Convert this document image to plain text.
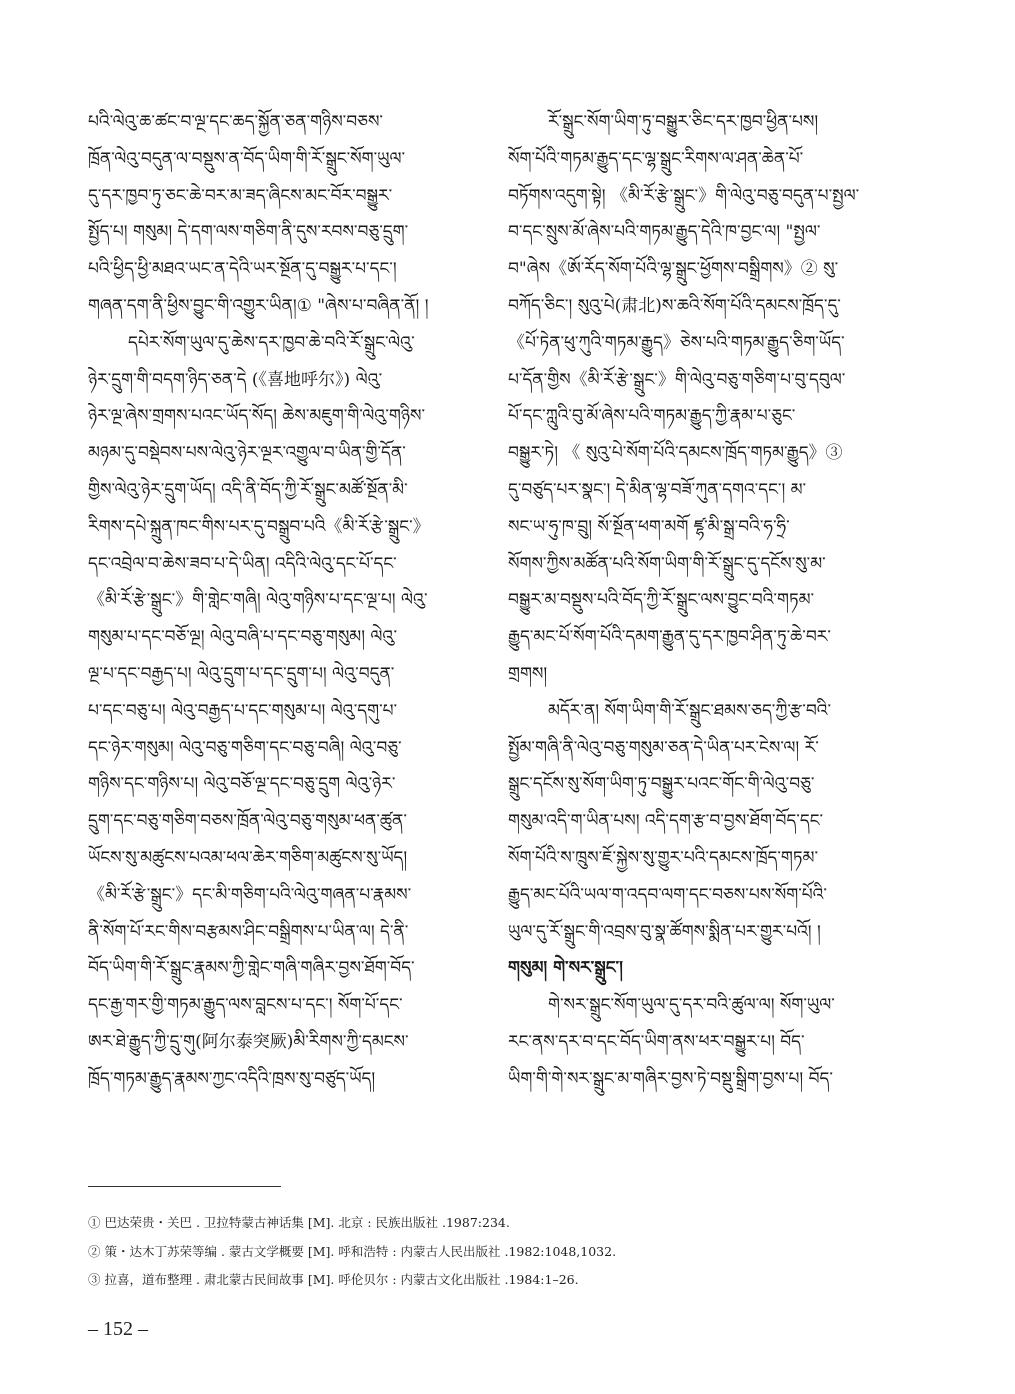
པའི་ལེའུ་ཆ་ཚང་བ་ལྔ་དང་ཆད་སྐྱོན་ཅན་གཉིས་བཅས་
ཁྲོན་ལེའུ་བདུན་ལ་བསྡུས་ན་བོད་ཡིག་གི་རོ་སྒྲུང་སོག་ཡུལ་
དུ་དར་ཁྱབ་ཏུ་ཅང་ཆེ་བར་མ་ཟད་ཞིངས་མང་བོར་བསྒྱུར་
སྤྱོད་པ། གསུམ། དེ་དག་ལས་གཅིག་ནི་དུས་རབས་བཅུ་དྲུག་
པའི་ཕྱིད་ཕྱི་མཐའ་ཡང་ན་དེའི་ཡར་སྔོན་དུ་བསྒྱུར་པ་དང་།
གཞན་དག་ནི་ཕྱིས་བྱུང་གི་འགྱུར་ཡིན།① "ཞེས་པ་བཞིན་ནོ། །
དཔེར་སོག་ཡུལ་དུ་ཆེས་དར་ཁྱབ་ཆེ་བའི་རོ་སྒྲུང་ལེའུ་
ཉེར་དྲུག་གི་བདག་ཉིད་ཅན་དེ (《喜地呼尔》) ལེའུ་
ཉེར་ལྔ་ཞེས་གྲགས་པའང་ཡོད་སོད། ཆེས་མཇུག་གི་ལེའུ་གཉིས་
མཉམ་དུ་བསྡེབས་པས་ལེའུ་ཉེར་ལྔར་འགྱུལ་བ་ཡིན་གྱི་དོན་
གྱིས་ལེའུ་ཉེར་དྲུག་ཡོད། འདི་ནི་བོད་ཀྱི་རོ་སྒྲུང་མཚོ་སྔོན་མི་
རིགས་དཔེ་སྐྲུན་ཁང་གིས་པར་དུ་བསྒྲུབ་པའི《མི་རོ་རྩེ་སྒྲུང་》
དང་འབྲེལ་བ་ཆེས་ཟབ་པ་དེ་ཡིན། འདིའི་ལེའུ་དང་པོ་དང་
《མི་རོ་རྩེ་སྒྲུང་》གི་གླེང་གཞི། ལེའུ་གཉིས་པ་དང་ལྔ་པ། ལེའུ་
གསུམ་པ་དང་བཅོ་ལྔ། ལེའུ་བཞི་པ་དང་བཅུ་གསུམ། ལེའུ་
ལྔ་པ་དང་བརྒྱད་པ། ལེའུ་དྲུག་པ་དང་དྲུག་པ། ལེའུ་བདུན་
པ་དང་བཅུ་པ། ལེའུ་བརྒྱད་པ་དང་གསུམ་པ། ལེའུ་དགུ་པ་
དང་ཉེར་གསུམ། ལེའུ་བཅུ་གཅིག་དང་བཅུ་བཞི། ལེའུ་བཅུ་
གཉིས་དང་གཉིས་པ། ལེའུ་བཅོ་ལྔ་དང་བཅུ་དྲུག ལེའུ་ཉེར་
དྲུག་དང་བཅུ་གཅིག་བཅས་ཁྲོན་ལེའུ་བཅུ་གསུམ་ཕན་ཚུན་
ཡོངས་སུ་མཚུངས་པའམ་ཕལ་ཆེར་གཅིག་མཚུངས་སུ་ཡོད།
《མི་རོ་རྩེ་སྒྲུང་》དང་མི་གཅིག་པའི་ལེའུ་གཞན་པ་རྣམས་
ནི་སོག་པོ་རང་གིས་བརྩམས་ཤིང་བསྒྲིགས་པ་ཡིན་ལ། དེ་ནི་
བོད་ཡིག་གི་རོ་སྒྲུང་རྣམས་ཀྱི་གླེང་གཞི་གཞིར་བྱས་ཐོག་བོད་
དང་རྒྱ་གར་གྱི་གཏམ་རྒྱུད་ལས་བླངས་པ་དང་། སོག་པོ་དང་
ཨར་ཐེ་རྒྱུད་ཀྱི་དྲུ་གུ(阿尔泰突厥)མི་རིགས་ཀྱི་དམངས་
ཁྲོད་གཏམ་རྒྱུད་རྣམས་ཀྱང་འདིའི་ཁྲས་སུ་བཙུད་ཡོད།
རོ་སྒྲུང་སོག་ཡིག་ཏུ་བསྒྱུར་ཅིང་དར་ཁྱབ་ཕྱིན་པས།
སོག་པོའི་གཏམ་རྒྱུད་དང་ལྷ་སྒྲུང་རིགས་ལ་ཤན་ཆེན་པོ་
བཏོགས་འདུག་སྟེ། 《མི་རོ་རྩེ་སྒྲུང་》གི་ལེའུ་བཅུ་བདུན་པ་སྤྱལ་
བ་དང་སྲུས་མོ་ཞེས་པའི་གཏམ་རྒྱུད་དེའི་ཁ་བྱང་ལ། "སྤྱལ་
བ"ཞེས《ཨོ་རོད་སོག་པོའི་ལྷ་སྒྲུང་ཕྱོགས་བསྒྲིགས》② སུ་
བཀོད་ཅིང་། སུའུ་པེ(肃北)ས་ཆའི་སོག་པོའི་དམངས་ཁྲོད་དུ་
《པོ་ཏེན་ཕུ་ཀུའི་གཏམ་རྒྱུད》ཅེས་པའི་གཏམ་རྒྱུད་ཅིག་ཡོད་
པ་དོན་གྱིས《མི་རོ་རྩེ་སྒྲུང་》གི་ལེའུ་བཅུ་གཅིག་པ་བུ་དབུལ་
པོ་དང་ཀླུའི་བུ་མོ་ཞེས་པའི་གཏམ་རྒྱུད་ཀྱི་རྣམ་པ་ཅུང་
བསྒྱུར་ཏེ། 《 སུའུ་པེ་སོག་པོའི་དམངས་ཁྲོད་གཏམ་རྒྱུད》③
དུ་བཙུད་པར་སྣང་། དེ་མིན་ལྷ་བཟོ་ཀུན་དགའ་དང་། མ་
སང་ཡ་ཧུ་ཁ་བྲུ། སོ་སྔོན་ཕག་མགོ ཛྷ་མི་སྒྲ་བའི་ཧ་ཧྲི་
སོགས་ཀྱིས་མཚོན་པའི་སོག་ཡིག་གི་རོ་སྒྲུང་དུ་དངོས་སུ་མ་
བསྒྱུར་མ་བསྡུས་པའི་བོད་ཀྱི་རོ་སྒྲུང་ལས་བྱུང་བའི་གཏམ་
རྒྱུད་མང་པོ་སོག་པོའི་དམག་རྒྱུན་དུ་དར་ཁྱབ་ཤིན་ཏུ་ཆེ་བར་
གྲགས།
མདོར་ན། སོག་ཡིག་གི་རོ་སྒྲུང་ཐམས་ཅད་ཀྱི་རྩ་བའི་
སྤྱོམ་གཞི་ནི་ལེའུ་བཅུ་གསུམ་ཅན་དེ་ཡིན་པར་ངེས་ལ། རོ་
སྒྲུང་དངོས་སུ་སོག་ཡིག་ཏུ་བསྒྱུར་པའང་གོང་གི་ལེའུ་བཅུ་
གསུམ་འདི་ག་ཡིན་པས། འདི་དག་རྩ་བ་བྱས་ཐོག་བོད་དང་
སོག་པོའི་ས་ཁྲུས་ཇོ་སྐྱེས་སུ་གྱུར་པའི་དམངས་ཁྲོད་གཏམ་
རྒྱུད་མང་པོའི་ཡལ་ག་འདབ་ལག་དང་བཅས་པས་སོག་པོའི་
ཡུལ་དུ་རོ་སྒྲུང་གི་འབྲས་བུ་སྣ་ཚོགས་སྨིན་པར་གྱུར་པའོ། །
གསུམ། གེ་སར་སྒྲུང་།
གེ་སར་སྒྲུང་སོག་ཡུལ་དུ་དར་བའི་ཚུལ་ལ། སོག་ཡུལ་
རང་ནས་དར་བ་དང་བོད་ཡིག་ནས་ཕར་བསྒྱུར་པ། བོད་
ཡིག་གི་གེ་སར་སྒྲུང་མ་གཞིར་བྱས་ཏེ་བསྡུ་སྒྲིག་བྱས་པ། བོད་
① 巴达荣贵・关巴 . 卫拉特蒙古神话集 [M]. 北京 : 民族出版社 .1987:234.
② 策・达木丁苏荣等编 . 蒙古文学概要 [M]. 呼和浩特 : 内蒙古人民出版社 .1982:1048,1032.
③ 拉喜，道布整理 . 肃北蒙古民间故事 [M]. 呼伦贝尔 : 内蒙古文化出版社 .1984:1–26.
– 152 –
